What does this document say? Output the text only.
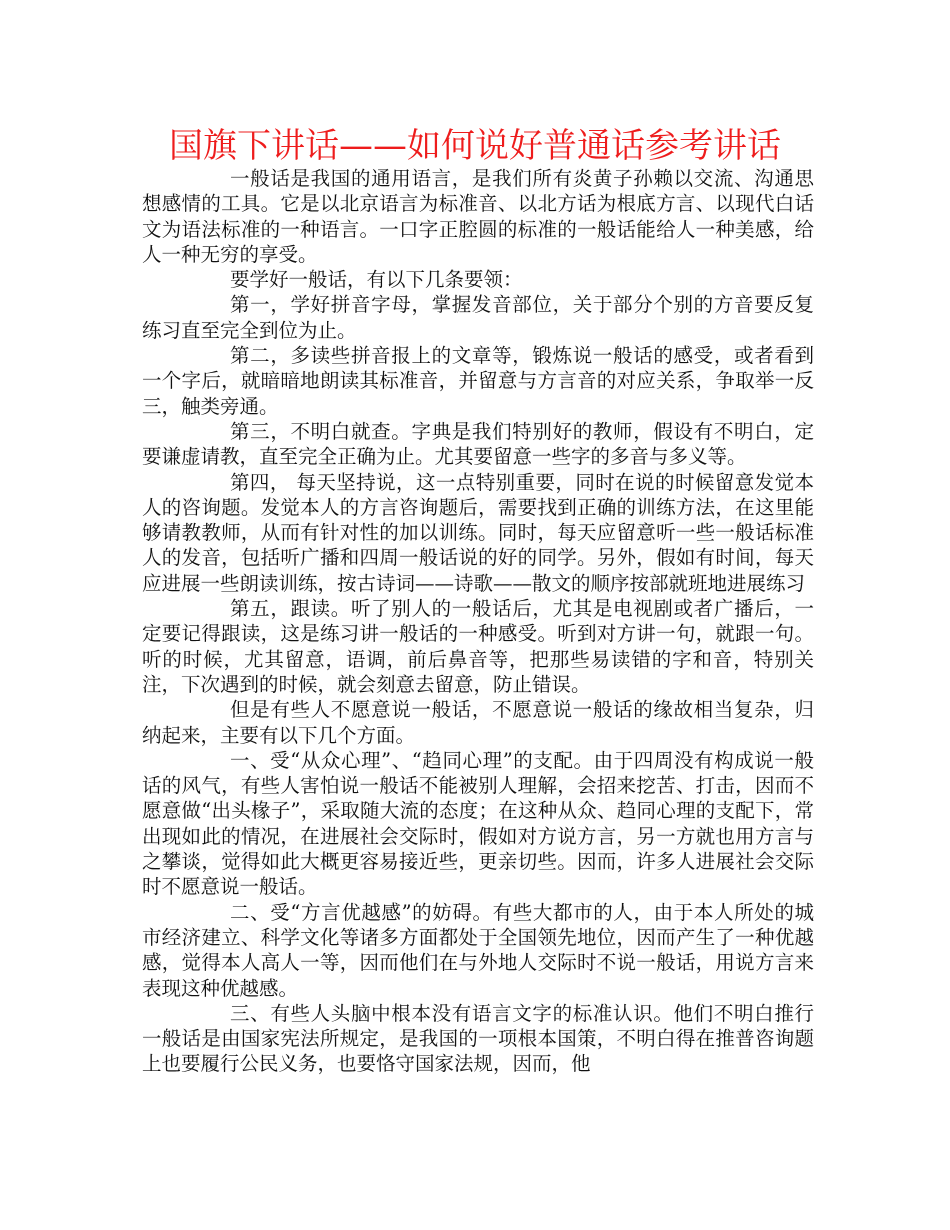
国旗下讲话——如何说好普通话参考讲话

一般话是我国的通用语言，是我们所有炎黄子孙赖以交流、沟通思想感情的工具。它是以北京语言为标准音、以北方话为根底方言、以现代白话文为语法标准的一种语言。一口字正腔圆的标准的一般话能给人一种美感，给人一种无穷的享受。

要学好一般话，有以下几条要领：

第一，学好拼音字母，掌握发音部位，关于部分个别的方音要反复练习直至完全到位为止。

第二，多读些拼音报上的文章等，锻炼说一般话的感受，或者看到一个字后，就暗暗地朗读其标准音，并留意与方言音的对应关系，争取举一反三，触类旁通。

第三，不明白就查。字典是我们特别好的教师，假设有不明白，定要谦虚请教，直至完全正确为止。尤其要留意一些字的多音与多义等。

第四， 每天坚持说，这一点特别重要，同时在说的时候留意发觉本人的咨询题。发觉本人的方言咨询题后，需要找到正确的训练方法，在这里能够请教教师，从而有针对性的加以训练。同时，每天应留意听一些一般话标准人的发音，包括听广播和四周一般话说的好的同学。另外，假如有时间，每天应进展一些朗读训练，按古诗词——诗歌——散文的顺序按部就班地进展练习

第五，跟读。听了别人的一般话后，尤其是电视剧或者广播后，一定要记得跟读，这是练习讲一般话的一种感受。听到对方讲一句，就跟一句。听的时候，尤其留意，语调，前后鼻音等，把那些易读错的字和音，特别关注，下次遇到的时候，就会刻意去留意，防止错误。

但是有些人不愿意说一般话，不愿意说一般话的缘故相当复杂，归纳起来，主要有以下几个方面。

一、受“从众心理”、“趋同心理”的支配。由于四周没有构成说一般话的风气，有些人害怕说一般话不能被别人理解，会招来挖苦、打击，因而不愿意做“出头椽子”，采取随大流的态度；在这种从众、趋同心理的支配下，常出现如此的情况，在进展社会交际时，假如对方说方言，另一方就也用方言与之攀谈，觉得如此大概更容易接近些，更亲切些。因而，许多人进展社会交际时不愿意说一般话。

二、受“方言优越感”的妨碍。有些大都市的人，由于本人所处的城市经济建立、科学文化等诸多方面都处于全国领先地位，因而产生了一种优越感，觉得本人高人一等，因而他们在与外地人交际时不说一般话，用说方言来表现这种优越感。

三、有些人头脑中根本没有语言文字的标准认识。他们不明白推行一般话是由国家宪法所规定，是我国的一项根本国策，不明白得在推普咨询题上也要履行公民义务，也要恪守国家法规，因而，他
